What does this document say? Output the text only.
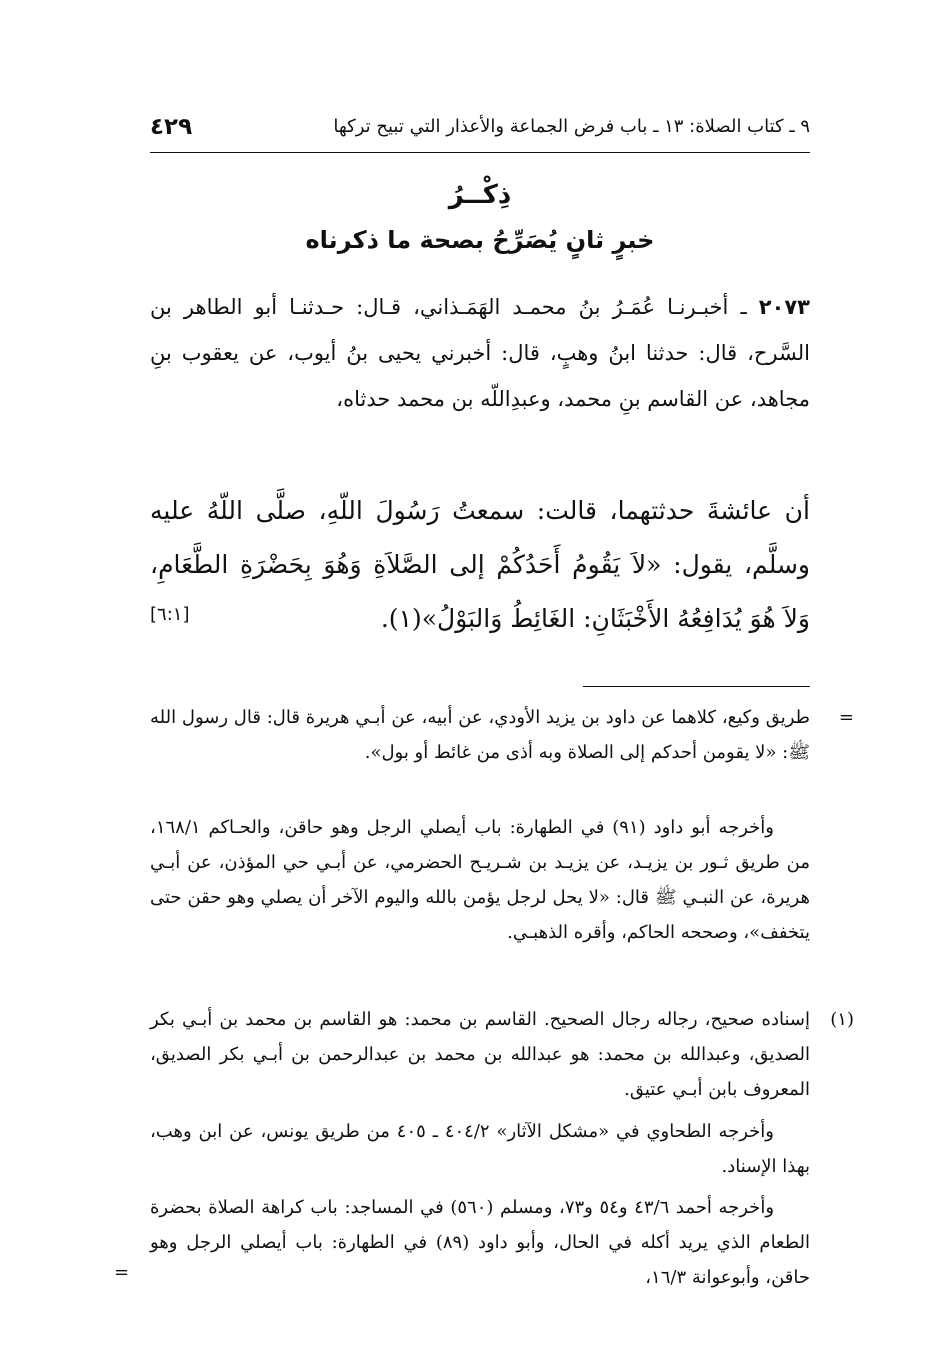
٩ ـ كتاب الصلاة: ١٣ ـ باب فرض الجماعة والأعذار التي تبيح تركها
٤٢٩
ذِكْــرُ
خبرٍ ثانٍ يُصَرِّحُ بصحة ما ذكرناه
٢٠٧٣ ـ أخبـرنـا عُمَـرُ بنُ محمـد الهَمَـذاني، قـال: حـدثنـا أبو الطاهر بن السَّرح، قال: حدثنا ابنُ وهبٍ، قال: أخبرني يحيى بنُ أيوب، عن يعقوب بنِ مجاهد، عن القاسم بنِ محمد، وعبدِاللّه بن محمد حدثاه،
أن عائشةَ حدثتهما، قالت: سمعتُ رَسُولَ اللّهِ، صلَّى اللّهُ عليه وسلَّم، يقول: «لاَ يَقُومُ أَحَدُكُمْ إلى الصَّلاَةِ وَهُوَ بِحَضْرَةِ الطَّعَامِ، وَلاَ هُوَ يُدَافِعُهُ الأَخْبَثَانِ: الغَائِطُ وَالبَوْلُ»(١).
[٦:١]
=
طريق وكيع، كلاهما عن داود بن يزيد الأودي، عن أبيه، عن أبـي هريرة قال: قال رسول الله ﷺ: «لا يقومن أحدكم إلى الصلاة وبه أذى من غائط أو بول».
وأخرجه أبو داود (٩١) في الطهارة: باب أيصلي الرجل وهو حاقن، والحـاكم ١٦٨/١، من طريق ثـور بن يزيـد، عن يزيـد بن شـريـح الحضرمي، عن أبـي حي المؤذن، عن أبـي هريرة، عن النبـي ﷺ قال: «لا يحل لرجل يؤمن بالله واليوم الآخر أن يصلي وهو حقن حتى يتخفف»، وصححه الحاكم، وأقره الذهبـي.
(١)
إسناده صحيح، رجاله رجال الصحيح. القاسم بن محمد: هو القاسم بن محمد بن أبـي بكر الصديق، وعبدالله بن محمد: هو عبدالله بن محمد بن عبدالرحمن بن أبـي بكر الصديق، المعروف بابن أبـي عتيق.
وأخرجه الطحاوي في «مشكل الآثار» ٤٠٤/٢ ـ ٤٠٥ من طريق يونس، عن ابن وهب، بهذا الإسناد.
وأخرجه أحمد ٤٣/٦ و٥٤ و٧٣، ومسلم (٥٦٠) في المساجد: باب كراهة الصلاة بحضرة الطعام الذي يريد أكله في الحال، وأبو داود (٨٩) في الطهارة: باب أيصلي الرجل وهو حاقن، وأبوعوانة ١٦/٣،
=
